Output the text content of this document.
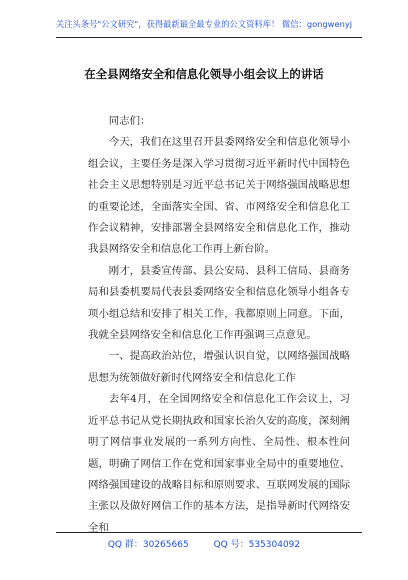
关注头条号"公文研究"，获得最新最全最专业的公文资料库！ 微信：gongwenyj
在全县网络安全和信息化领导小组会议上的讲话

同志们：

今天，我们在这里召开县委网络安全和信息化领导小组会议，主要任务是深入学习贯彻习近平新时代中国特色社会主义思想特别是习近平总书记关于网络强国战略思想的重要论述，全面落实全国、省、市网络安全和信息化工作会议精神，安排部署全县网络安全和信息化工作，推动我县网络安全和信息化工作再上新台阶。

刚才，县委宣传部、县公安局、县科工信局、县商务局和县委机要局代表县委网络安全和信息化领导小组各专项小组总结和安排了相关工作，我都原则上同意。下面，我就全县网络安全和信息化工作再强调三点意见。

一、提高政治站位，增强认识自觉，以网络强国战略思想为统领做好新时代网络安全和信息化工作

去年4月，在全国网络安全和信息化工作会议上，习近平总书记从党长期执政和国家长治久安的高度，深刻阐明了网信事业发展的一系列方向性、全局性、根本性问题，明确了网信工作在党和国家事业全局中的重要地位、网络强国建设的战略目标和原则要求、互联网发展的国际主张以及做好网信工作的基本方法，是指导新时代网络安全和

QQ 群：30265665	QQ 号：535304092
